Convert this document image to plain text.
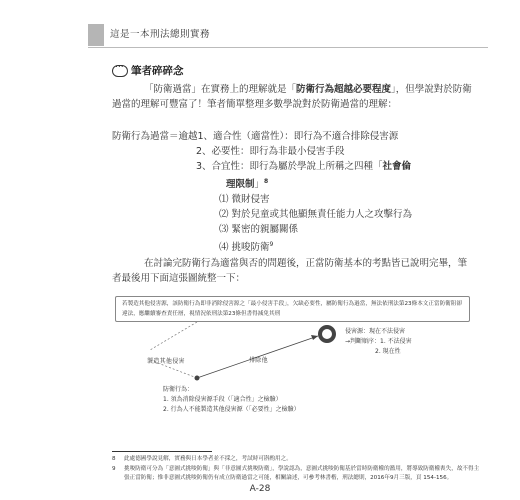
這是一本刑法總則實務
...
筆者碎碎念
「防衛過當」在實務上的理解就是「防衛行為超越必要程度」，但學說對於防衛過當的理解可豐富了！筆者簡單整理多數學說對於防衛過當的理解：
防衛行為過當＝逾越1、適合性（適當性）：即行為不適合排除侵害源
2、必要性：即行為非最小侵害手段
3、合宜性：即行為屬於學說上所稱之四種「社會倫
理限制」$^8$
⑴ 微財侵害
⑵ 對於兒童或其他顯無責任能力人之攻擊行為
⑶ 緊密的親屬關係
⑷ 挑唆防衛$^9$
在討論完防衛行為適當與否的問題後，正當防衛基本的考點皆已說明完畢，筆者最後用下面這張圖統整一下：
若製造其他侵害源，該防衛行為即非消除侵害源之「最小侵害手段」，欠缺必要性，屬防衛行為過當，無法依刑法第23條本文正當防衛阻卻違法，應繼續審查責任層，視情況依刑法第23條但書得減免其刑
侵害源：現在不法侵害
→判斷順序：1. 不法侵害

2. 現在性
製造其他侵害	排除他
防衛行為：
1. 須為消除侵害源手段（「適合性」之檢驗）
2. 行為人不能製造其他侵害源（「必要性」之檢驗）
8	此處德國學說見解，實務與日本學者並不採之，考試時可斟酌用之。
9	挑唆防衛可分為「意圖式挑唆防衛」與「非意圖式挑唆防衛」，學說認為，意圖式挑唆防衛基於當時防衛權的濫用，將導致防衛權喪失，故不得主張正當防衛；惟非意圖式挑唆防衛仍有成立防衛過當之可能，相關論述，可參考林書楷，刑法總則，2016年9月三版，頁 154-156。
A-28
